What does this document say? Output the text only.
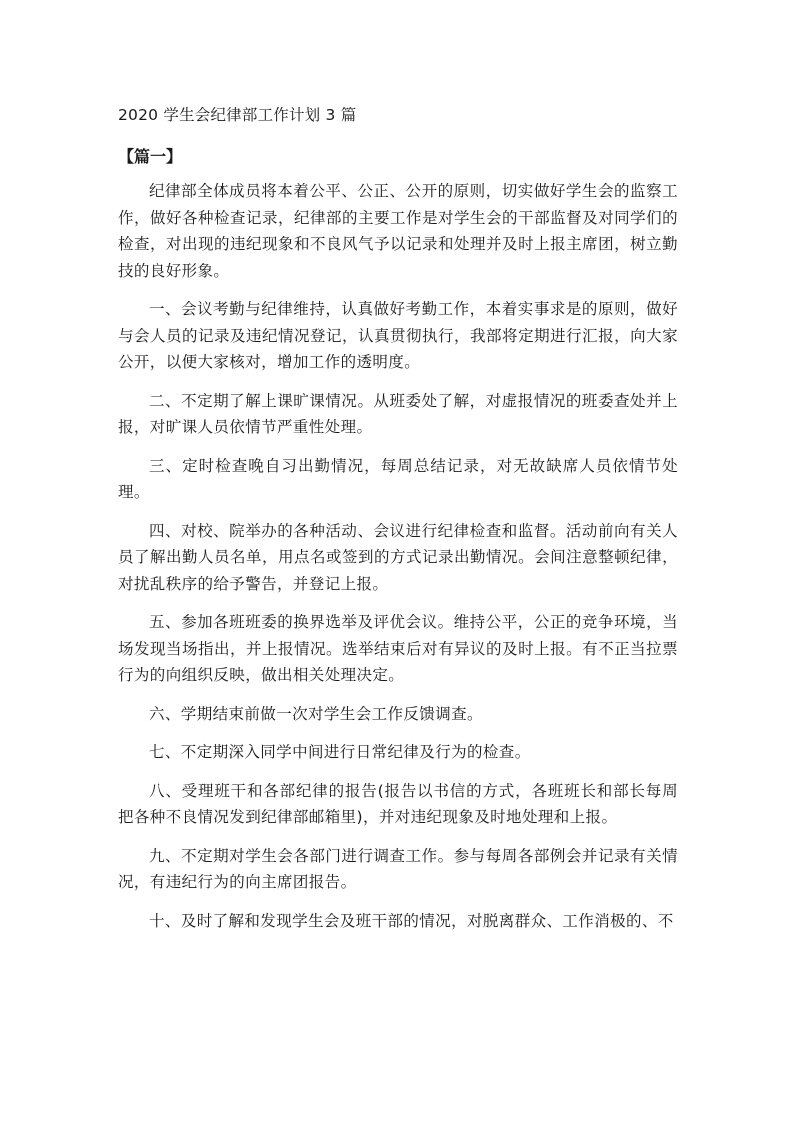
2020 学生会纪律部工作计划 3 篇

【篇一】

纪律部全体成员将本着公平、公正、公开的原则，切实做好学生会的监察工作，做好各种检查记录，纪律部的主要工作是对学生会的干部监督及对同学们的检查，对出现的违纪现象和不良风气予以记录和处理并及时上报主席团，树立勤技的良好形象。

一、会议考勤与纪律维持，认真做好考勤工作，本着实事求是的原则，做好与会人员的记录及违纪情况登记，认真贯彻执行，我部将定期进行汇报，向大家公开，以便大家核对，增加工作的透明度。

二、不定期了解上课旷课情况。从班委处了解，对虚报情况的班委查处并上报，对旷课人员依情节严重性处理。

三、定时检查晚自习出勤情况，每周总结记录，对无故缺席人员依情节处理。

四、对校、院举办的各种活动、会议进行纪律检查和监督。活动前向有关人员了解出勤人员名单，用点名或签到的方式记录出勤情况。会间注意整顿纪律，对扰乱秩序的给予警告，并登记上报。

五、参加各班班委的换界选举及评优会议。维持公平，公正的竞争环境，当场发现当场指出，并上报情况。选举结束后对有异议的及时上报。有不正当拉票行为的向组织反映，做出相关处理决定。

六、学期结束前做一次对学生会工作反馈调查。

七、不定期深入同学中间进行日常纪律及行为的检查。

八、受理班干和各部纪律的报告(报告以书信的方式，各班班长和部长每周把各种不良情况发到纪律部邮箱里)，并对违纪现象及时地处理和上报。

九、不定期对学生会各部门进行调查工作。参与每周各部例会并记录有关情况，有违纪行为的向主席团报告。

十、及时了解和发现学生会及班干部的情况，对脱离群众、工作消极的、不
